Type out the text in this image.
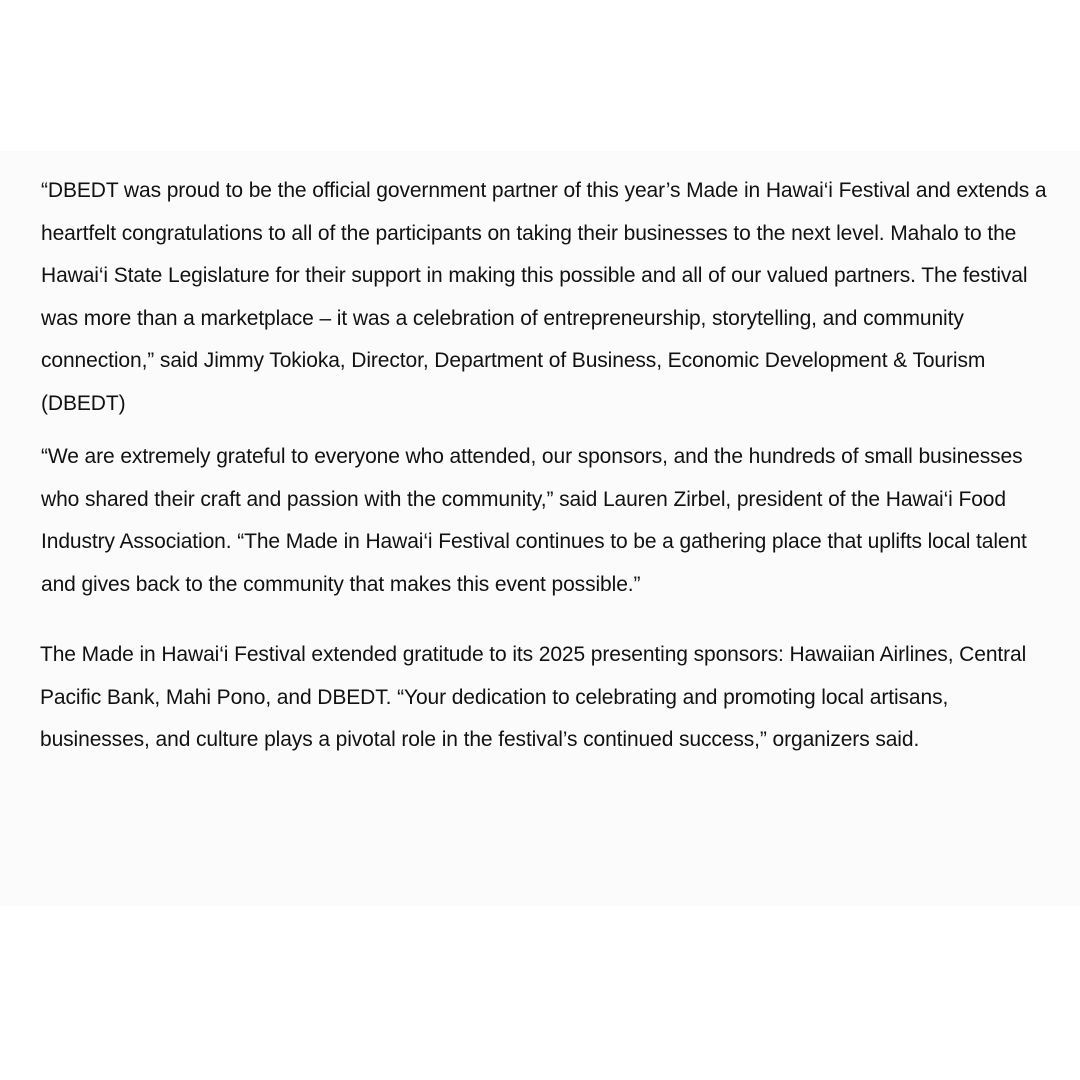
“DBEDT was proud to be the official government partner of this year’s Made in Hawai‘i Festival and extends a heartfelt congratulations to all of the participants on taking their businesses to the next level. Mahalo to the Hawai‘i State Legislature for their support in making this possible and all of our valued partners. The festival was more than a marketplace – it was a celebration of entrepreneurship, storytelling, and community connection,” said Jimmy Tokioka, Director, Department of Business, Economic Development & Tourism (DBEDT)

“We are extremely grateful to everyone who attended, our sponsors, and the hundreds of small businesses who shared their craft and passion with the community,” said Lauren Zirbel, president of the Hawai‘i Food Industry Association. “The Made in Hawai‘i Festival continues to be a gathering place that uplifts local talent and gives back to the community that makes this event possible.”

The Made in Hawai‘i Festival extended gratitude to its 2025 presenting sponsors: Hawaiian Airlines, Central Pacific Bank, Mahi Pono, and DBEDT. “Your dedication to celebrating and promoting local artisans, businesses, and culture plays a pivotal role in the festival’s continued success,” organizers said.
